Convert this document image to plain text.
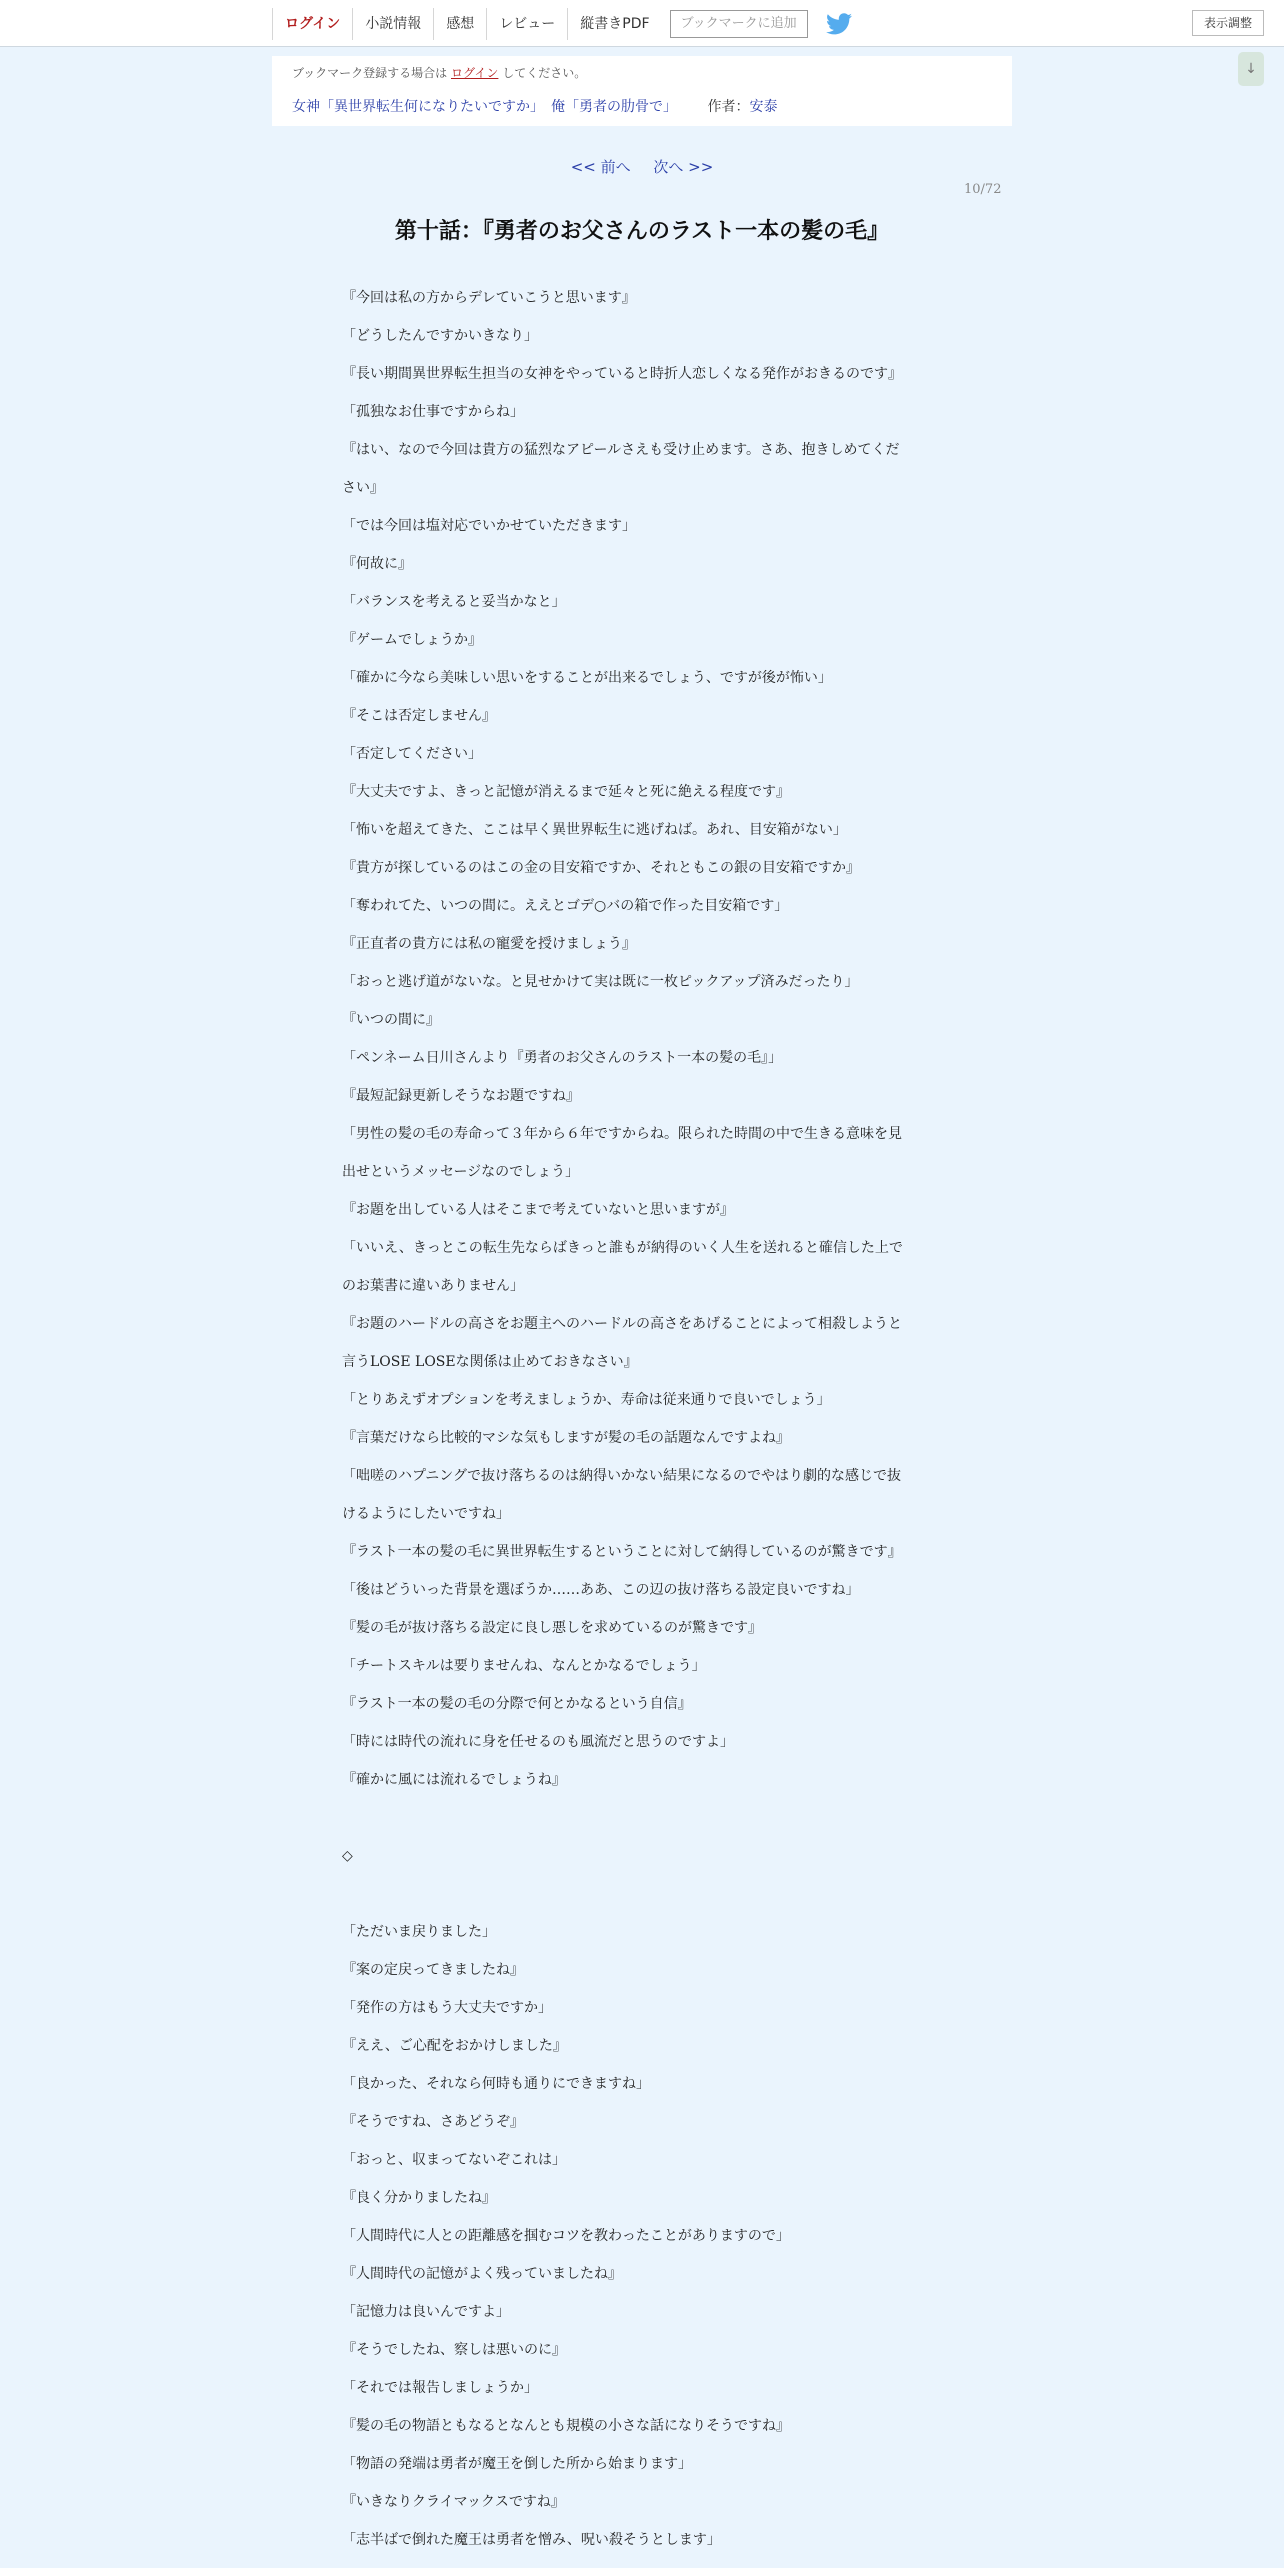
ログイン	小説情報	感想	レビュー	縦書きPDF	ブックマークに追加	表示調整
↓
ブックマーク登録する場合は ログイン してください。
女神「異世界転生何になりたいですか」　俺「勇者の肋骨で」 作者：安泰
<< 前へ 次へ >>
10/72
第十話：『勇者のお父さんのラスト一本の髪の毛』

『今回は私の方からデレていこうと思います』

「どうしたんですかいきなり」

『長い期間異世界転生担当の女神をやっていると時折人恋しくなる発作がおきるのです』

「孤独なお仕事ですからね」

『はい、なので今回は貴方の猛烈なアピールさえも受け止めます。さあ、抱きしめてくだ

さい』

「では今回は塩対応でいかせていただきます」

『何故に』

「バランスを考えると妥当かなと」

『ゲームでしょうか』

「確かに今なら美味しい思いをすることが出来るでしょう、ですが後が怖い」

『そこは否定しません』

「否定してください」

『大丈夫ですよ、きっと記憶が消えるまで延々と死に絶える程度です』

「怖いを超えてきた、ここは早く異世界転生に逃げねば。あれ、目安箱がない」

『貴方が探しているのはこの金の目安箱ですか、それともこの銀の目安箱ですか』

「奪われてた、いつの間に。ええとゴデ○バの箱で作った目安箱です」

『正直者の貴方には私の寵愛を授けましょう』

「おっと逃げ道がないな。と見せかけて実は既に一枚ピックアップ済みだったり」

『いつの間に』

「ペンネーム日川さんより『勇者のお父さんのラスト一本の髪の毛』」

『最短記録更新しそうなお題ですね』

「男性の髪の毛の寿命って３年から６年ですからね。限られた時間の中で生きる意味を見

出せというメッセージなのでしょう」

『お題を出している人はそこまで考えていないと思いますが』

「いいえ、きっとこの転生先ならばきっと誰もが納得のいく人生を送れると確信した上で

のお葉書に違いありません」

『お題のハードルの高さをお題主へのハードルの高さをあげることによって相殺しようと

言うLOSE LOSEな関係は止めておきなさい』

「とりあえずオプションを考えましょうか、寿命は従来通りで良いでしょう」

『言葉だけなら比較的マシな気もしますが髪の毛の話題なんですよね』

「咄嗟のハプニングで抜け落ちるのは納得いかない結果になるのでやはり劇的な感じで抜

けるようにしたいですね」

『ラスト一本の髪の毛に異世界転生するということに対して納得しているのが驚きです』

「後はどういった背景を選ぼうか……ああ、この辺の抜け落ちる設定良いですね」

『髪の毛が抜け落ちる設定に良し悪しを求めているのが驚きです』

「チートスキルは要りませんね、なんとかなるでしょう」

『ラスト一本の髪の毛の分際で何とかなるという自信』

「時には時代の流れに身を任せるのも風流だと思うのですよ」

『確かに風には流れるでしょうね』

◇

「ただいま戻りました」

『案の定戻ってきましたね』

「発作の方はもう大丈夫ですか」

『ええ、ご心配をおかけしました』

「良かった、それなら何時も通りにできますね」

『そうですね、さあどうぞ』

「おっと、収まってないぞこれは」

『良く分かりましたね』

「人間時代に人との距離感を掴むコツを教わったことがありますので」

『人間時代の記憶がよく残っていましたね』

「記憶力は良いんですよ」

『そうでしたね、察しは悪いのに』

「それでは報告しましょうか」

『髪の毛の物語ともなるとなんとも規模の小さな話になりそうですね』

「物語の発端は勇者が魔王を倒した所から始まります」

『いきなりクライマックスですね』

「志半ばで倒れた魔王は勇者を憎み、呪い殺そうとします」
